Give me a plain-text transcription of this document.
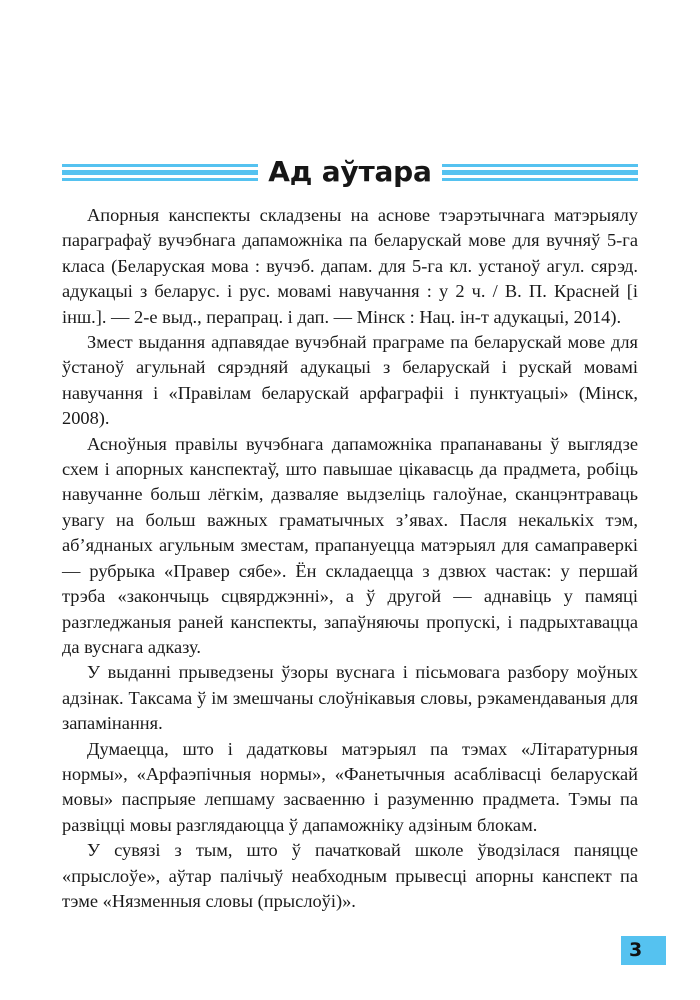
Ад аўтара

Апорныя канспекты складзены на аснове тэарэтычнага матэрыялу параграфаў вучэбнага дапаможніка па беларускай мове для вучняў 5-га класа (Беларуская мова : вучэб. дапам. для 5-га кл. устаноў агул. сярэд. адукацыі з беларус. і рус. мовамі навучання : у 2 ч. / В. П. Красней [і інш.]. — 2-е выд., перапрац. і дап. — Мінск : Нац. ін-т адукацыі, 2014).

Змест выдання адпавядае вучэбнай праграме па беларускай мове для ўстаноў агульнай сярэдняй адукацыі з беларускай і рускай мовамі навучання і «Правілам беларускай арфаграфіі і пунктуацыі» (Мінск, 2008).

Асноўныя правілы вучэбнага дапаможніка прапанаваны ў выглядзе схем і апорных канспектаў, што павышае цікавасць да прадмета, робіць навучанне больш лёгкім, дазваляе выдзеліць галоўнае, сканцэнтраваць увагу на больш важных граматычных з’явах. Пасля некалькіх тэм, аб’яднаных агульным зместам, прапануецца матэрыял для самаправеркі — рубрыка «Правер сябе». Ён складаецца з дзвюх частак: у першай трэба «закончыць сцвярджэнні», а ў другой — аднавіць у памяці разгледжаныя раней канспекты, запаўняючы пропускі, і падрыхтавацца да вуснага адказу.

У выданні прыведзены ўзоры вуснага і пісьмовага разбору моўных адзінак. Таксама ў ім змешчаны слоўнікавыя словы, рэкамендаваныя для запамінання.

Думаецца, што і дадатковы матэрыял па тэмах «Літаратурныя нормы», «Арфаэпічныя нормы», «Фанетычныя асаблівасці беларускай мовы» паспрыяе лепшаму засваенню і разуменню прадмета. Тэмы па развіцці мовы разглядаюцца ў дапаможніку адзіным блокам.

У сувязі з тым, што ў пачатковай школе ўводзілася паняцце «прыслоўе», аўтар палічыў неабходным прывесці апорны канспект па тэме «Нязменныя словы (прыслоўі)».

3
